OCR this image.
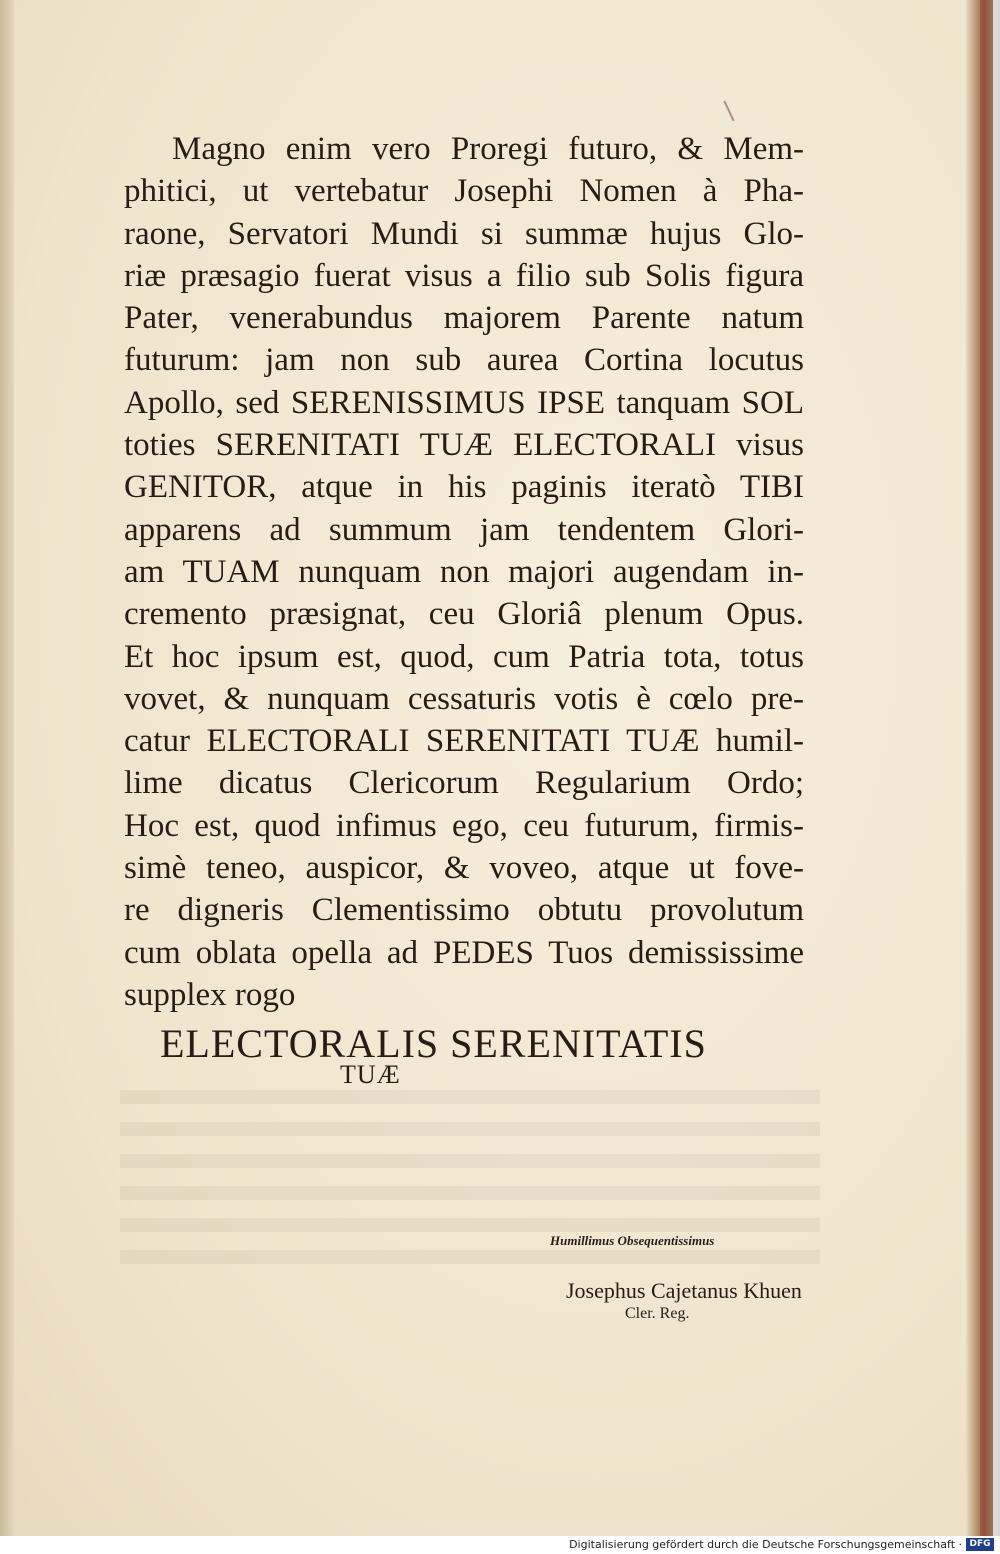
Magno enim vero Proregi futuro, & Mem-
phitici, ut vertebatur Josephi Nomen à Pha-
raone, Servatori Mundi si summæ hujus Glo-
riæ præsagio fuerat visus a filio sub Solis figura
Pater, venerabundus majorem Parente natum
futurum: jam non sub aurea Cortina locutus
Apollo, sed SERENISSIMUS IPSE tanquam SOL
toties SERENITATI TUÆ ELECTORALI visus
GENITOR, atque in his paginis iteratò TIBI
apparens ad summum jam tendentem Glori-
am TUAM nunquam non majori augendam in-
cremento præsignat, ceu Gloriâ plenum Opus.
Et hoc ipsum est, quod, cum Patria tota, totus
vovet, & nunquam cessaturis votis è cœlo pre-
catur ELECTORALI SERENITATI TUÆ humil-
lime dicatus Clericorum Regularium Ordo;
Hoc est, quod infimus ego, ceu futurum, firmis-
simè teneo, auspicor, & voveo, atque ut fove-
re digneris Clementissimo obtutu provolutum
cum oblata opella ad PEDES Tuos demississime
supplex rogo
ELECTORALIS SERENITATIS
TUÆ
Humillimus Obsequentissimus
Josephus Cajetanus Khuen
Cler. Reg.
Digitalisierung gefördert durch die Deutsche Forschungsgemeinschaft · DFG
